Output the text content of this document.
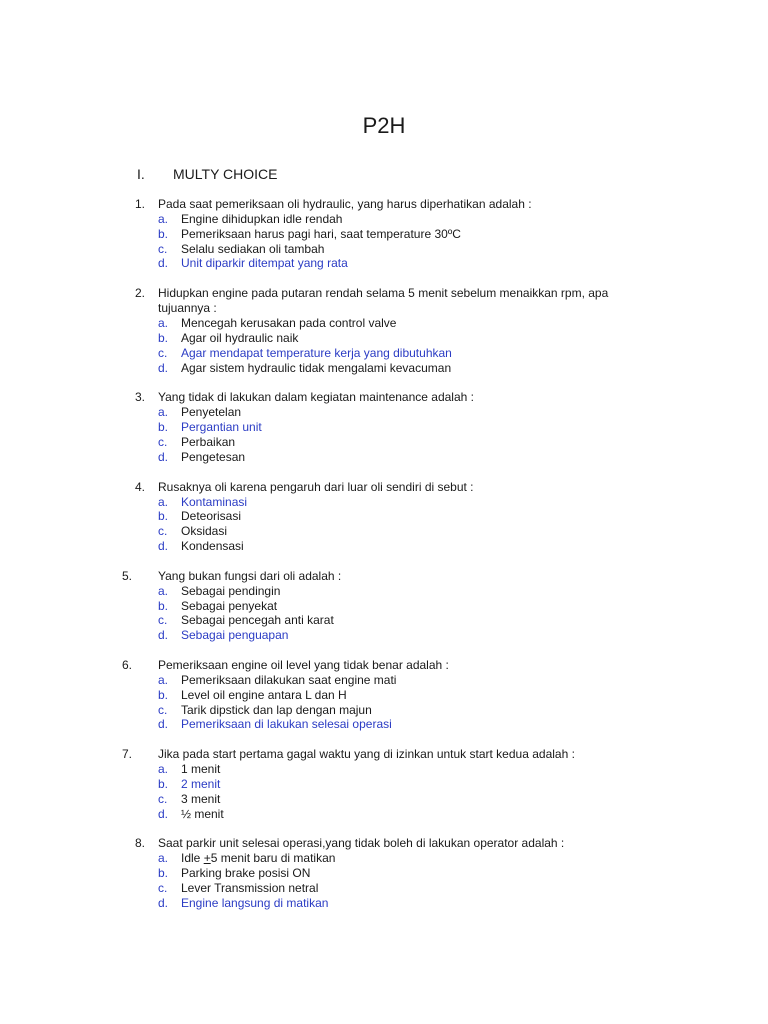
P2H
I. MULTY CHOICE
1. Pada saat pemeriksaan oli hydraulic, yang harus diperhatikan adalah :
a. Engine dihidupkan idle rendah
b. Pemeriksaan harus pagi hari, saat temperature 30ºC
c. Selalu sediakan oli tambah
d. Unit diparkir ditempat yang rata
2. Hidupkan engine pada putaran rendah selama 5 menit sebelum menaikkan rpm, apa tujuannya :
a. Mencegah kerusakan pada control valve
b. Agar oil hydraulic naik
c. Agar mendapat temperature kerja yang dibutuhkan
d. Agar sistem hydraulic tidak mengalami kevacuman
3. Yang tidak di lakukan dalam kegiatan maintenance adalah :
a. Penyetelan
b. Pergantian unit
c. Perbaikan
d. Pengetesan
4. Rusaknya oli karena pengaruh dari luar oli sendiri di sebut :
a. Kontaminasi
b. Deteorisasi
c. Oksidasi
d. Kondensasi
5. Yang bukan fungsi dari oli adalah :
a. Sebagai pendingin
b. Sebagai penyekat
c. Sebagai pencegah anti karat
d. Sebagai penguapan
6. Pemeriksaan engine oil level yang tidak benar adalah :
a. Pemeriksaan dilakukan saat engine mati
b. Level oil engine antara L dan H
c. Tarik dipstick dan lap dengan majun
d. Pemeriksaan di lakukan selesai operasi
7. Jika pada start pertama gagal waktu yang di izinkan untuk start kedua adalah :
a. 1 menit
b. 2 menit
c. 3 menit
d. ½ menit
8. Saat parkir unit selesai operasi,yang tidak boleh di lakukan operator adalah :
a. Idle +5 menit baru di matikan
b. Parking brake posisi ON
c. Lever Transmission netral
d. Engine langsung di matikan
